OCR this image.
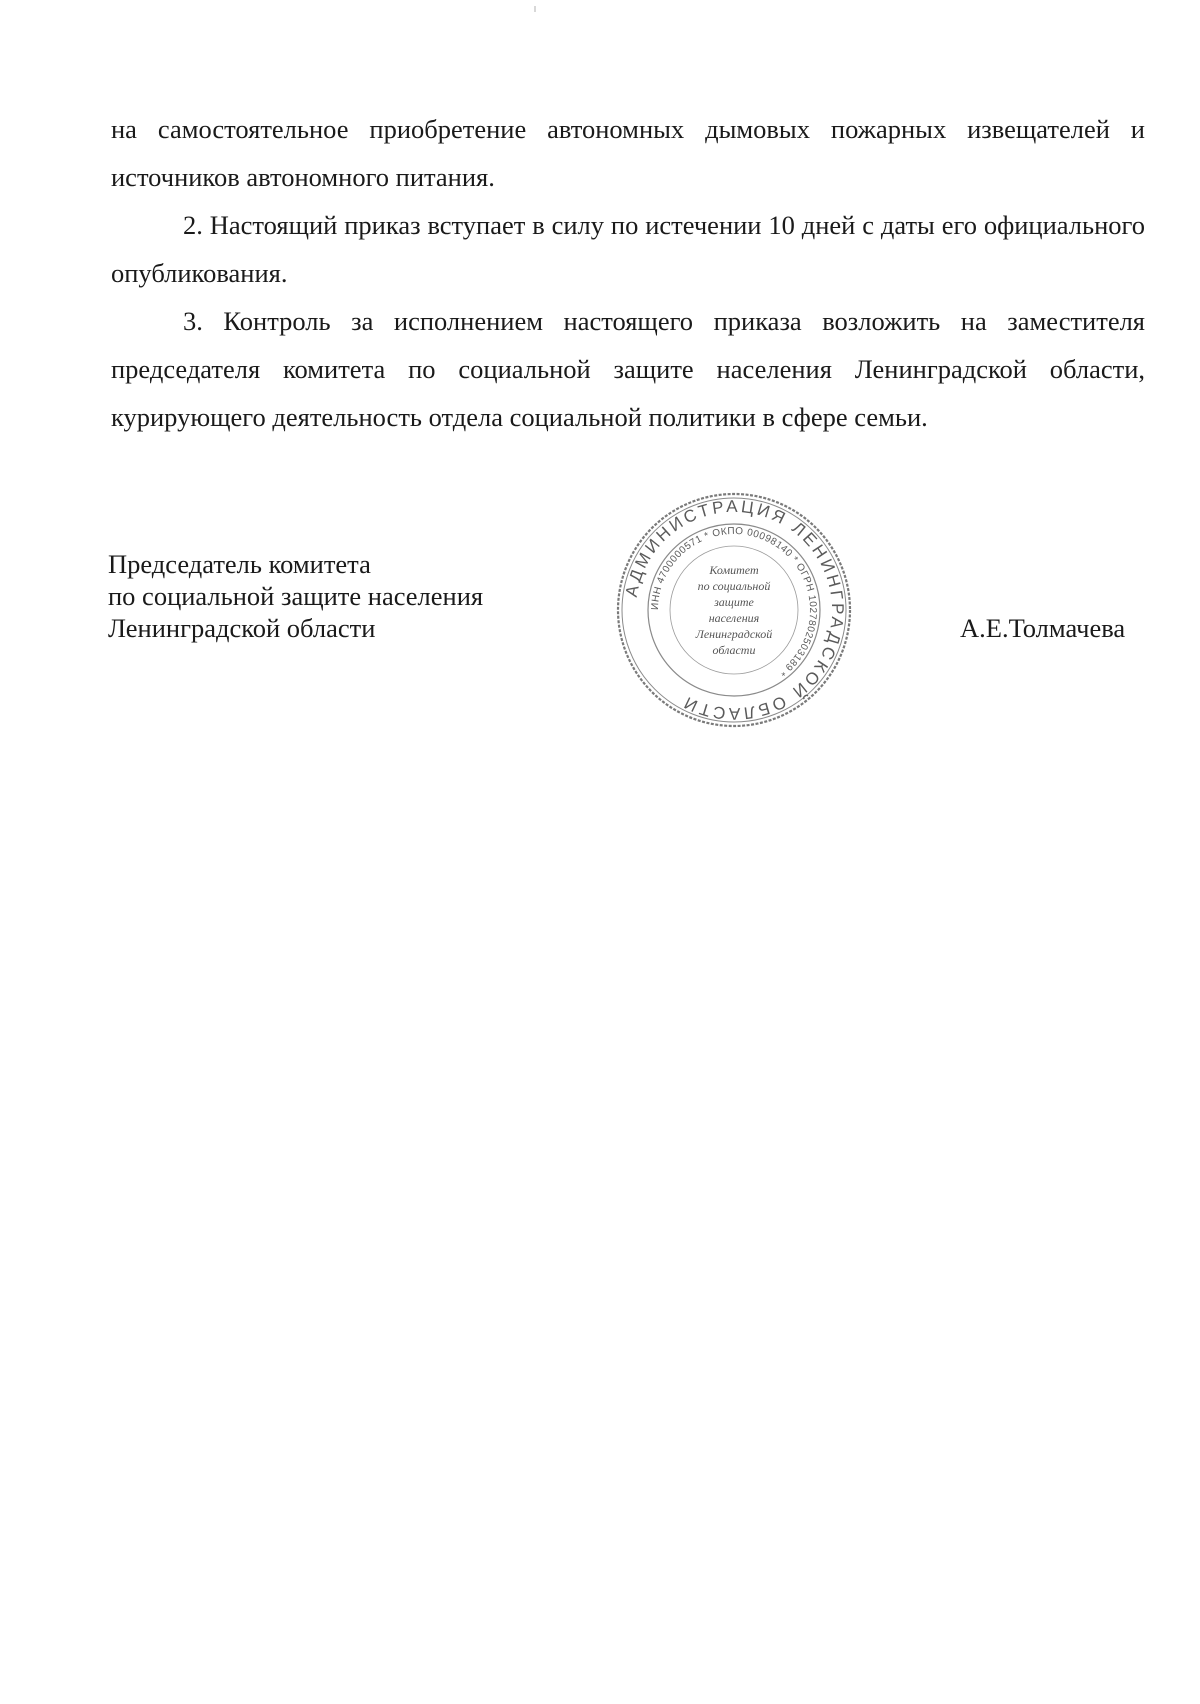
на самостоятельное приобретение автономных дымовых пожарных извещателей и источников автономного питания.

2. Настоящий приказ вступает в силу по истечении 10 дней с даты его официального опубликования.

3. Контроль за исполнением настоящего приказа возложить на заместителя председателя комитета по социальной защите населения Ленинградской области, курирующего деятельность отдела социальной политики в сфере семьи.

Председатель комитета
по социальной защите населения
Ленинградской области
АДМИНИСТРАЦИЯ ЛЕНИНГРАДСКОЙ ОБЛАСТИ
ИНН 4700000571 * ОКПО 00098140 * ОГРН 1027802503189 *
Комитет
по социальной
защите
населения
Ленинградской
области
А.Е.Толмачева
